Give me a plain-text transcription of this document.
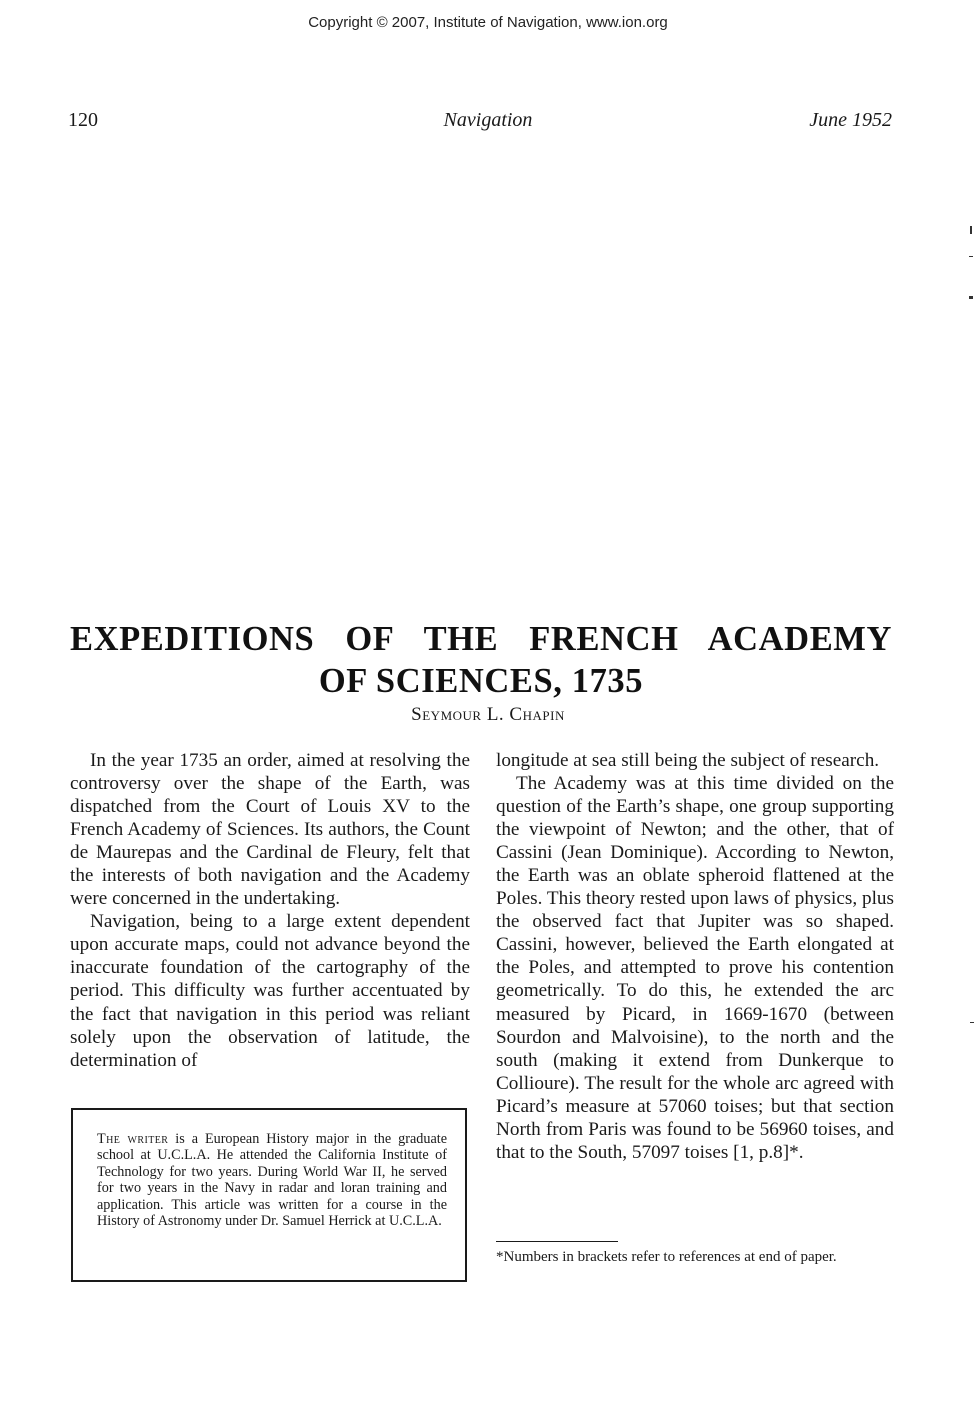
Copyright © 2007, Institute of Navigation, www.ion.org
120	Navigation	June 1952
EXPEDITIONS OF THE FRENCH ACADEMY
OF SCIENCES, 1735
Seymour L. Chapin

In the year 1735 an order, aimed at resolving the controversy over the shape of the Earth, was dispatched from the Court of Louis XV to the French Academy of Sciences. Its authors, the Count de Maurepas and the Cardinal de Fleury, felt that the interests of both navigation and the Academy were concerned in the undertaking.

Navigation, being to a large extent dependent upon accurate maps, could not advance beyond the inaccurate foundation of the cartography of the period. This difficulty was further accentuated by the fact that navigation in this period was reliant solely upon the observation of latitude, the determination of

The writer is a European History major in the graduate school at U.C.L.A. He attended the California Institute of Technology for two years. During World War II, he served for two years in the Navy in radar and loran training and application. This article was written for a course in the History of Astronomy under Dr. Samuel Herrick at U.C.L.A.

longitude at sea still being the subject of research.

The Academy was at this time divided on the question of the Earth’s shape, one group supporting the viewpoint of Newton; and the other, that of Cassini (Jean Dominique). According to Newton, the Earth was an oblate spheroid flattened at the Poles. This theory rested upon laws of physics, plus the observed fact that Jupiter was so shaped. Cassini, however, believed the Earth elongated at the Poles, and attempted to prove his contention geometrically. To do this, he extended the arc measured by Picard, in 1669-1670 (between Sourdon and Malvoisine), to the north and the south (making it extend from Dunkerque to Collioure). The result for the whole arc agreed with Picard’s measure at 57060 toises; but that section North from Paris was found to be 56960 toises, and that to the South, 57097 toises [1, p.8]*.

*Numbers in brackets refer to references at end of paper.
